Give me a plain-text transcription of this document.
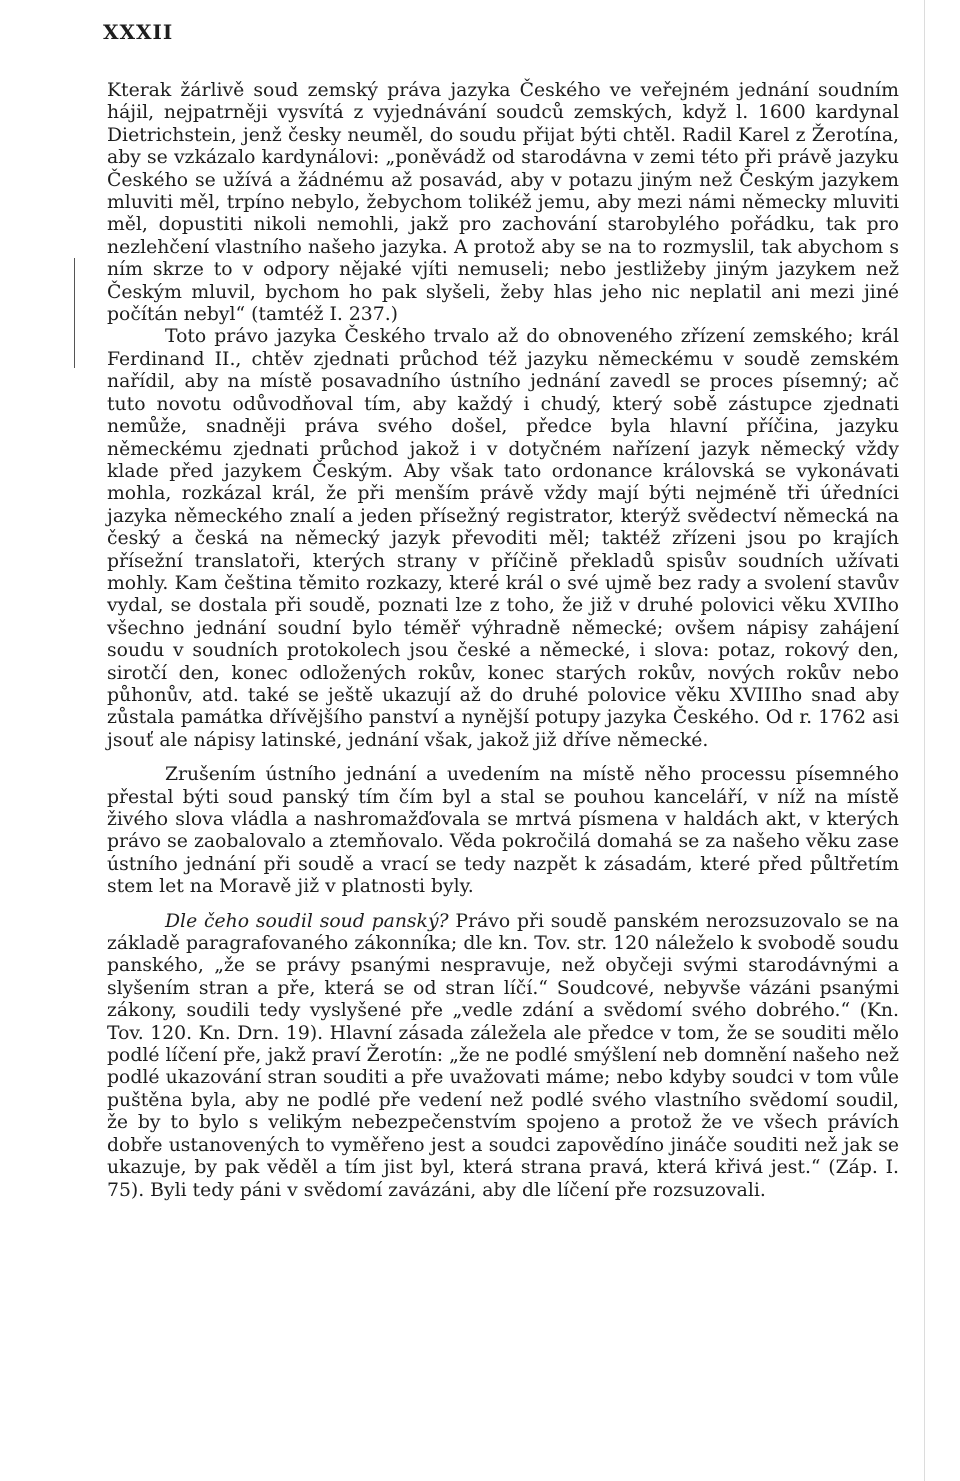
XXXII

Kterak žárlivě soud zemský práva jazyka Českého ve veřejném jednání soudním hájil, nejpatrněji vysvítá z vyjednávání soudců zemských, když l. 1600 kardynal Dietrichstein, jenž česky neuměl, do soudu přijat býti chtěl. Radil Karel z Žerotína, aby se vzkázalo kardynálovi: „poněvádž od starodávna v zemi této při právě jazyku Českého se užívá a žádnému až posavád, aby v potazu jiným než Českým jazykem mluviti měl, trpíno nebylo, žebychom tolikéž jemu, aby mezi námi německy mluviti měl, dopustiti nikoli nemohli, jakž pro zachování starobylého pořádku, tak pro nezlehčení vlastního našeho jazyka. A protož aby se na to rozmyslil, tak abychom s ním skrze to v odpory nějaké vjíti nemuseli; nebo jestližeby jiným jazykem než Českým mluvil, bychom ho pak slyšeli, žeby hlas jeho nic neplatil ani mezi jiné počítán nebyl“ (tamtéž I. 237.)

Toto právo jazyka Českého trvalo až do obnoveného zřízení zemského; král Ferdinand II., chtěv zjednati průchod též jazyku německému v soudě zemském nařídil, aby na místě posavadního ústního jednání zavedl se proces písemný; ač tuto novotu odůvodňoval tím, aby každý i chudý, který sobě zástupce zjednati nemůže, snadněji práva svého došel, předce byla hlavní příčina, jazyku německému zjednati průchod jakož i v dotyčném nařízení jazyk německý vždy klade před jazykem Českým. Aby však tato ordonance královská se vykonávati mohla, rozkázal král, že při menším právě vždy mají býti nejméně tři úředníci jazyka německého znalí a jeden přísežný registrator, kterýž svědectví německá na český a česká na německý jazyk převoditi měl; taktéž zřízeni jsou po krajích přísežní translatoři, kterých strany v příčině překladů spisův soudních užívati mohly. Kam čeština těmito rozkazy, které král o své ujmě bez rady a svolení stavův vydal, se dostala při soudě, poznati lze z toho, že již v druhé polovici věku XVIIho všechno jednání soudní bylo téměř výhradně německé; ovšem nápisy zahájení soudu v soudních protokolech jsou české a německé, i slova: potaz, rokový den, sirotčí den, konec odložených rokův, konec starých rokův, nových rokův nebo půhonův, atd. také se ještě ukazují až do druhé polovice věku XVIIIho snad aby zůstala památka dřívějšího panství a nynější potupy jazyka Českého. Od r. 1762 asi jsouť ale nápisy latinské, jednání však, jakož již dříve německé.

Zrušením ústního jednání a uvedením na místě něho processu písemného přestal býti soud panský tím čím byl a stal se pouhou kanceláří, v níž na místě živého slova vládla a nashromažďovala se mrtvá písmena v haldách akt, v kterých právo se zaobalovalo a ztemňovalo. Věda pokročilá domahá se za našeho věku zase ústního jednání při soudě a vrací se tedy nazpět k zásadám, které před půltřetím stem let na Moravě již v platnosti byly.

Dle čeho soudil soud panský? Právo při soudě panském nerozsuzovalo se na základě paragrafovaného zákonníka; dle kn. Tov. str. 120 náleželo k svobodě soudu panského, „že se právy psanými nespravuje, než obyčeji svými starodávnými a slyšením stran a pře, která se od stran líčí.“ Soudcové, nebyvše vázáni psanými zákony, soudili tedy vyslyšené pře „vedle zdání a svědomí svého dobrého.“ (Kn. Tov. 120. Kn. Drn. 19). Hlavní zásada záležela ale předce v tom, že se souditi mělo podlé líčení pře, jakž praví Žerotín: „že ne podlé smýšlení neb domnění našeho než podlé ukazování stran souditi a pře uvažovati máme; nebo kdyby soudci v tom vůle puštěna byla, aby ne podlé pře vedení než podlé svého vlastního svědomí soudil, že by to bylo s velikým nebezpečenstvím spojeno a protož že ve všech právích dobře ustanovených to vyměřeno jest a soudci zapovědíno jináče souditi než jak se ukazuje, by pak věděl a tím jist byl, která strana pravá, která křivá jest.“ (Záp. I. 75). Byli tedy páni v svědomí zavázáni, aby dle líčení pře rozsuzovali.
